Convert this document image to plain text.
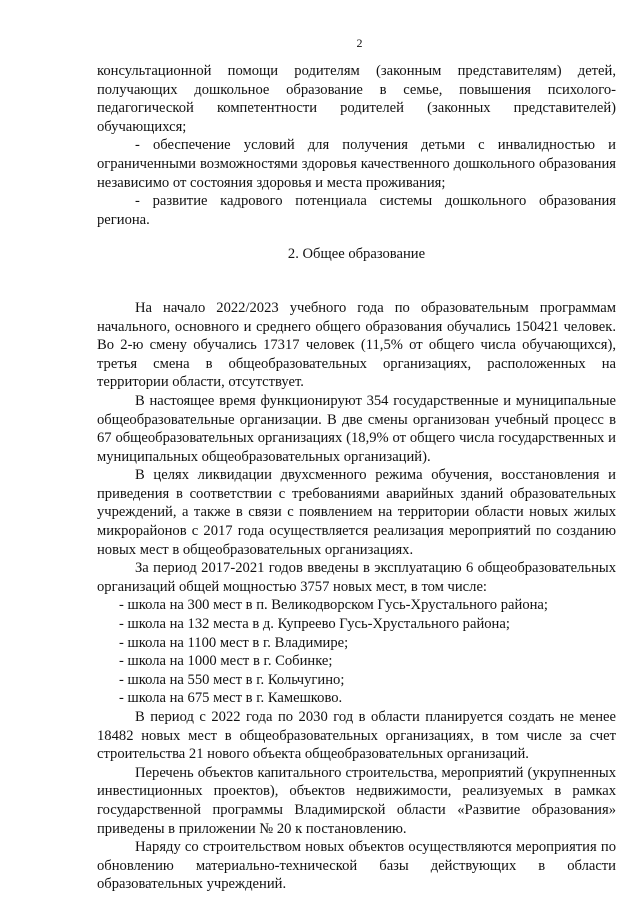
2

консультационной помощи родителям (законным представителям) детей, получающих дошкольное образование в семье, повышения психолого-педагогической компетентности родителей (законных представителей) обучающихся;

- обеспечение условий для получения детьми с инвалидностью и ограниченными возможностями здоровья качественного дошкольного образования независимо от состояния здоровья и места проживания;

- развитие кадрового потенциала системы дошкольного образования региона.

2. Общее образование

На начало 2022/2023 учебного года по образовательным программам начального, основного и среднего общего образования обучались 150421 человек. Во 2-ю смену обучались 17317 человек (11,5% от общего числа обучающихся), третья смена в общеобразовательных организациях, расположенных на территории области, отсутствует.

В настоящее время функционируют 354 государственные и муниципальные общеобразовательные организации. В две смены организован учебный процесс в 67 общеобразовательных организациях (18,9% от общего числа государственных и муниципальных общеобразовательных организаций).

В целях ликвидации двухсменного режима обучения, восстановления и приведения в соответствии с требованиями аварийных зданий образовательных учреждений, а также в связи с появлением на территории области новых жилых микрорайонов с 2017 года осуществляется реализация мероприятий по созданию новых мест в общеобразовательных организациях.

За период 2017-2021 годов введены в эксплуатацию 6 общеобразовательных организаций общей мощностью 3757 новых мест, в том числе:

- школа на 300 мест в п. Великодворском Гусь-Хрустального района;

- школа на 132 места в д. Купреево Гусь-Хрустального района;

- школа на 1100 мест в г. Владимире;

- школа на 1000 мест в г. Собинке;

- школа на 550 мест в г. Кольчугино;

- школа на 675 мест в г. Камешково.

В период с 2022 года по 2030 год в области планируется создать не менее 18482 новых мест в общеобразовательных организациях, в том числе за счет строительства 21 нового объекта общеобразовательных организаций.

Перечень объектов капитального строительства, мероприятий (укрупненных инвестиционных проектов), объектов недвижимости, реализуемых в рамках государственной программы Владимирской области «Развитие образования» приведены в приложении № 20 к постановлению.

Наряду со строительством новых объектов осуществляются мероприятия по обновлению материально-технической базы действующих в области образовательных учреждений.
